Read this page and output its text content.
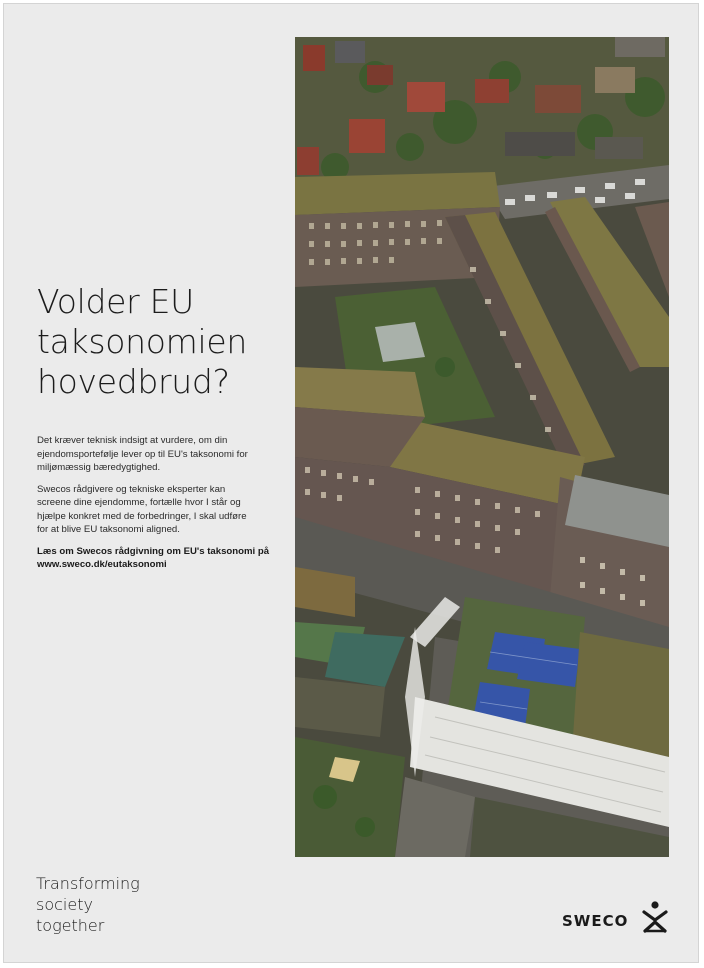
Volder EU
taksonomien
hovedbrud?
Det kræver teknisk indsigt at vurdere, om din
ejendomsportefølje lever op til EU's taksonomi for
miljømæssig bæredygtighed.
Swecos rådgivere og tekniske eksperter kan
screene dine ejendomme, fortælle hvor I står og
hjælpe konkret med de forbedringer, I skal udføre
for at blive EU taksonomi aligned.
Læs om Swecos rådgivning om EU's taksonomi på
www.sweco.dk/eutaksonomi
Transforming
society
together	SWECO
